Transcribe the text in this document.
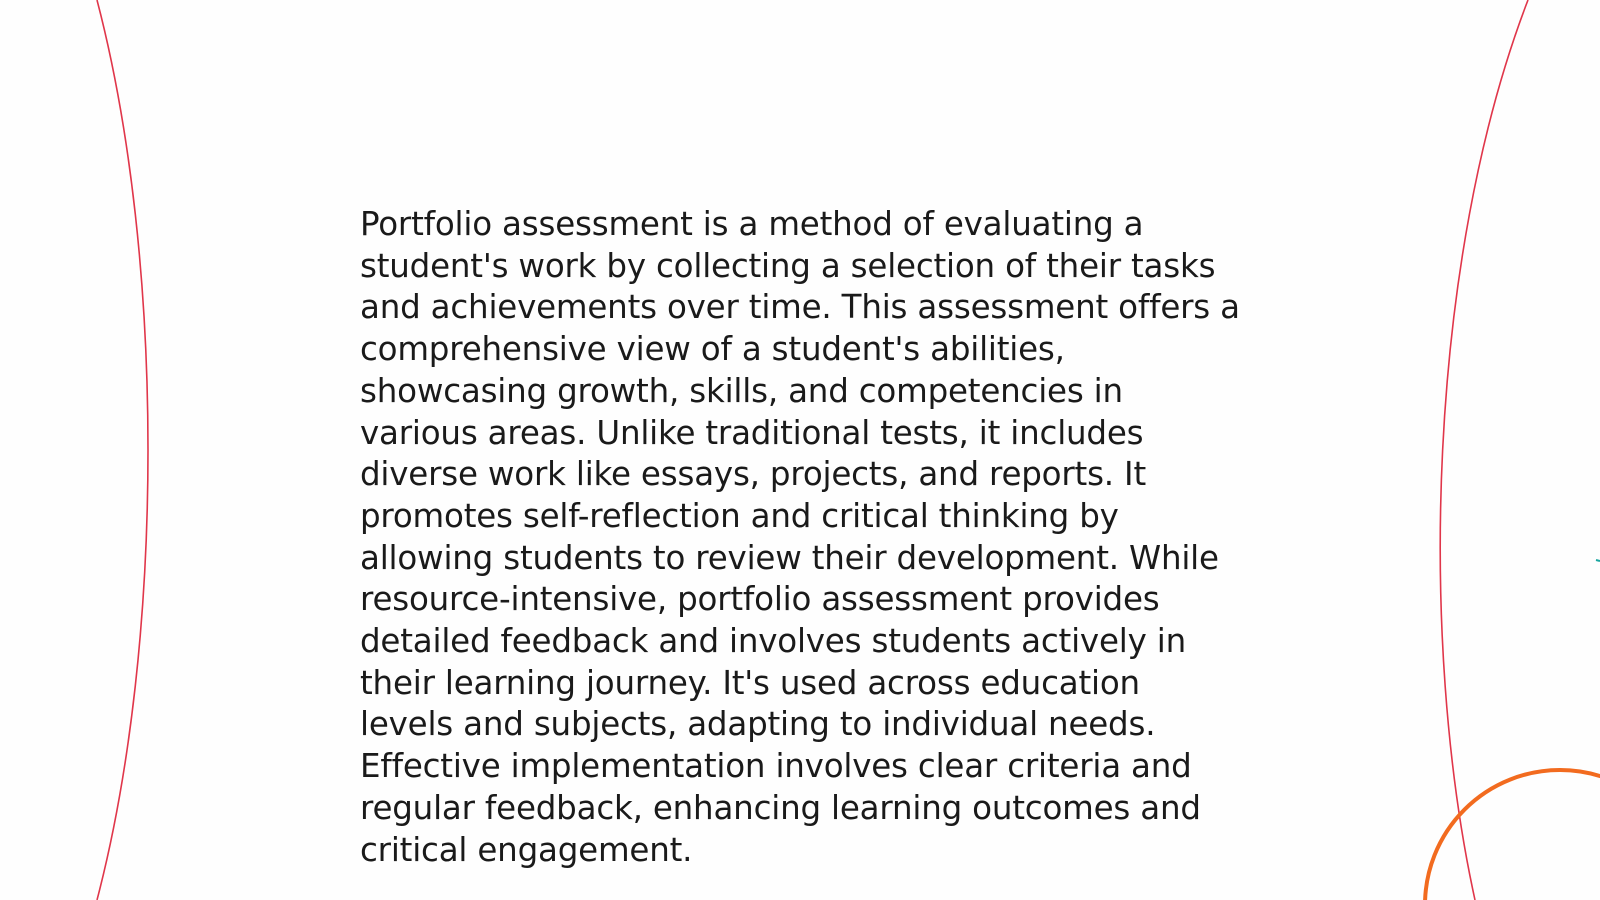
Portfolio assessment is a method of evaluating a
student's work by collecting a selection of their tasks
and achievements over time. This assessment offers a
comprehensive view of a student's abilities,
showcasing growth, skills, and competencies in
various areas. Unlike traditional tests, it includes
diverse work like essays, projects, and reports. It
promotes self-reflection and critical thinking by
allowing students to review their development. While
resource-intensive, portfolio assessment provides
detailed feedback and involves students actively in
their learning journey. It's used across education
levels and subjects, adapting to individual needs.
Effective implementation involves clear criteria and
regular feedback, enhancing learning outcomes and
critical engagement.
